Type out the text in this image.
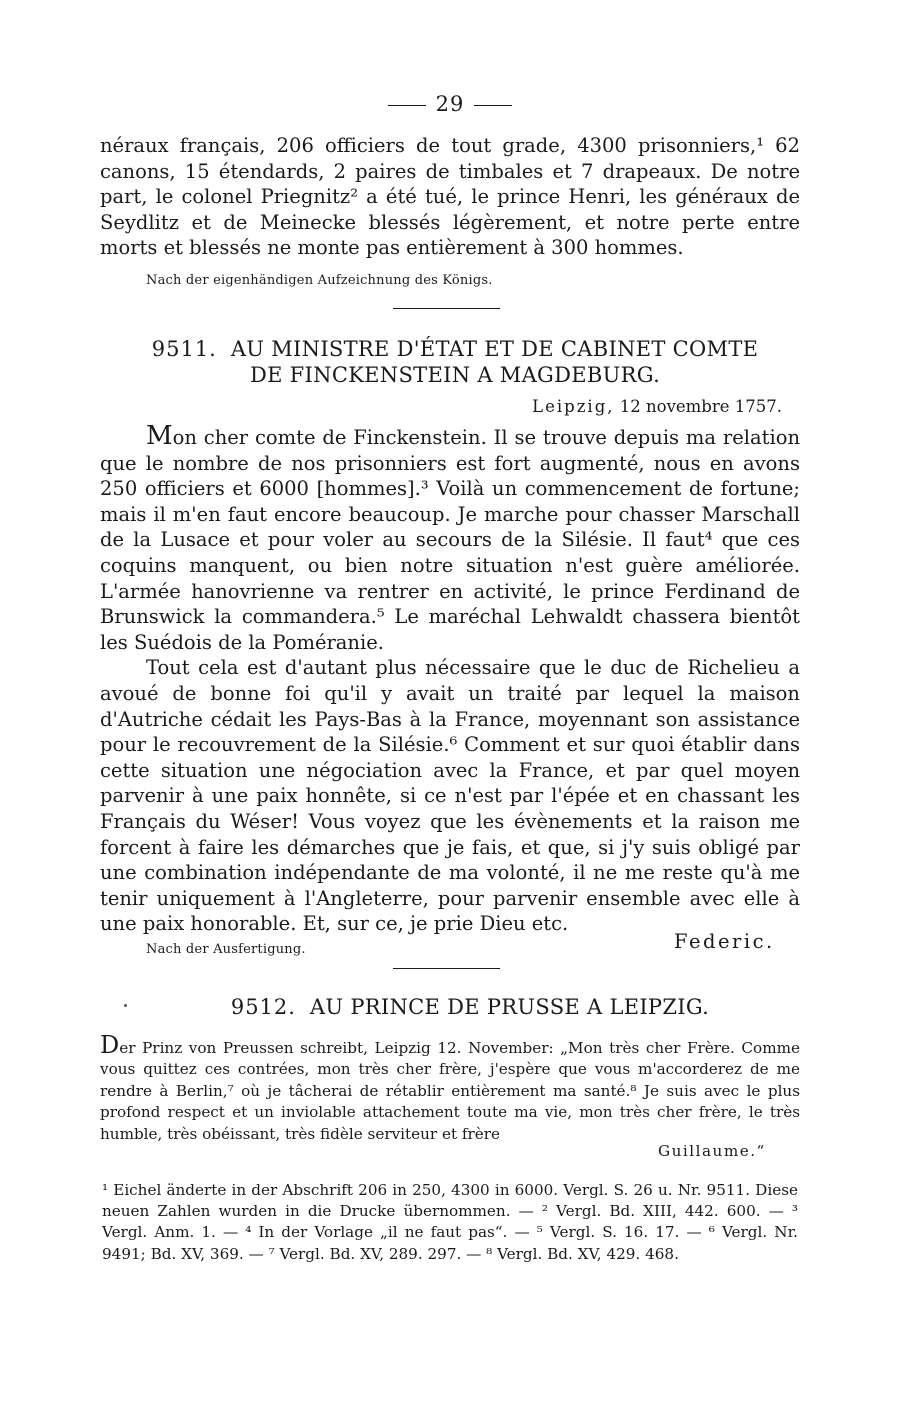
29

néraux français, 206 officiers de tout grade, 4300 prisonniers,¹ 62 canons, 15 étendards, 2 paires de timbales et 7 drapeaux. De notre part, le colonel Priegnitz² a été tué, le prince Henri, les généraux de Seydlitz et de Meinecke blessés légèrement, et notre perte entre morts et blessés ne monte pas entièrement à 300 hommes.

Nach der eigenhändigen Aufzeichnung des Königs.
9511. AU MINISTRE D'ÉTAT ET DE CABINET COMTE
DE FINCKENSTEIN A MAGDEBURG.
Leipzig, 12 novembre 1757.

Mon cher comte de Finckenstein. Il se trouve depuis ma relation que le nombre de nos prisonniers est fort augmenté, nous en avons 250 officiers et 6000 [hommes].³ Voilà un commencement de fortune; mais il m'en faut encore beaucoup. Je marche pour chasser Marschall de la Lusace et pour voler au secours de la Silésie. Il faut⁴ que ces coquins manquent, ou bien notre situation n'est guère améliorée. L'armée hanovrienne va rentrer en activité, le prince Ferdinand de Brunswick la commandera.⁵ Le maréchal Lehwaldt chassera bientôt les Suédois de la Poméranie.

Tout cela est d'autant plus nécessaire que le duc de Richelieu a avoué de bonne foi qu'il y avait un traité par lequel la maison d'Autriche cédait les Pays-Bas à la France, moyennant son assistance pour le recouvrement de la Silésie.⁶ Comment et sur quoi établir dans cette situation une négociation avec la France, et par quel moyen parvenir à une paix honnête, si ce n'est par l'épée et en chassant les Français du Wéser! Vous voyez que les évènements et la raison me forcent à faire les démarches que je fais, et que, si j'y suis obligé par une combination indépendante de ma volonté, il ne me reste qu'à me tenir uniquement à l'Angleterre, pour parvenir ensemble avec elle à une paix honorable. Et, sur ce, je prie Dieu etc.

Nach der Ausfertigung.	Federic.
9512. AU PRINCE DE PRUSSE A LEIPZIG.

Der Prinz von Preussen schreibt, Leipzig 12. November: „Mon très cher Frère. Comme vous quittez ces contrées, mon très cher frère, j'espère que vous m'accorderez de me rendre à Berlin,⁷ où je tâcherai de rétablir entièrement ma santé.⁸ Je suis avec le plus profond respect et un inviolable attachement toute ma vie, mon très cher frère, le très humble, très obéissant, très fidèle serviteur et frère

Guillaume.“

¹ Eichel änderte in der Abschrift 206 in 250, 4300 in 6000. Vergl. S. 26 u. Nr. 9511. Diese neuen Zahlen wurden in die Drucke übernommen. — ² Vergl. Bd. XIII, 442. 600. — ³ Vergl. Anm. 1. — ⁴ In der Vorlage „il ne faut pas“. — ⁵ Vergl. S. 16. 17. — ⁶ Vergl. Nr. 9491; Bd. XV, 369. — ⁷ Vergl. Bd. XV, 289. 297. — ⁸ Vergl. Bd. XV, 429. 468.
